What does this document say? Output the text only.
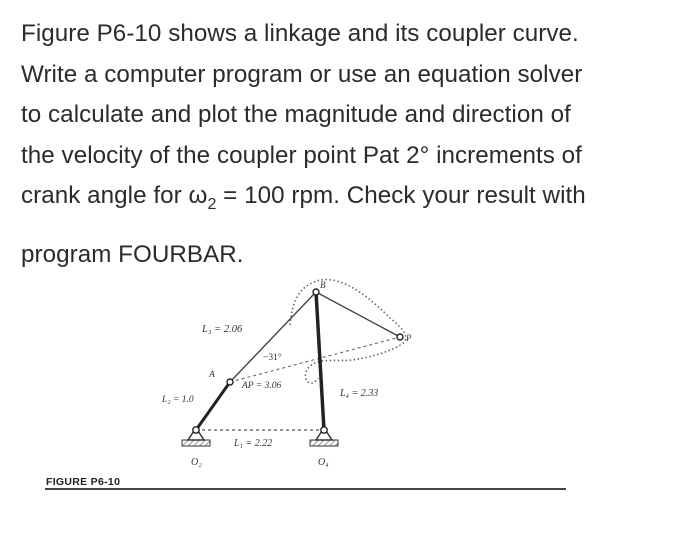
Figure P6-10 shows a linkage and its coupler curve.
Write a computer program or use an equation solver
to calculate and plot the magnitude and direction of
the velocity of the coupler point Pat 2° increments of
crank angle for $\omega_2 = 100$ rpm. Check your result with
program FOURBAR.
L₃ = 2.06
−31°
A
AP = 3.06
L₂ = 1.0
L₄ = 2.33
L₁ = 2.22
O₂	O₄
B
P
FIGURE P6-10
